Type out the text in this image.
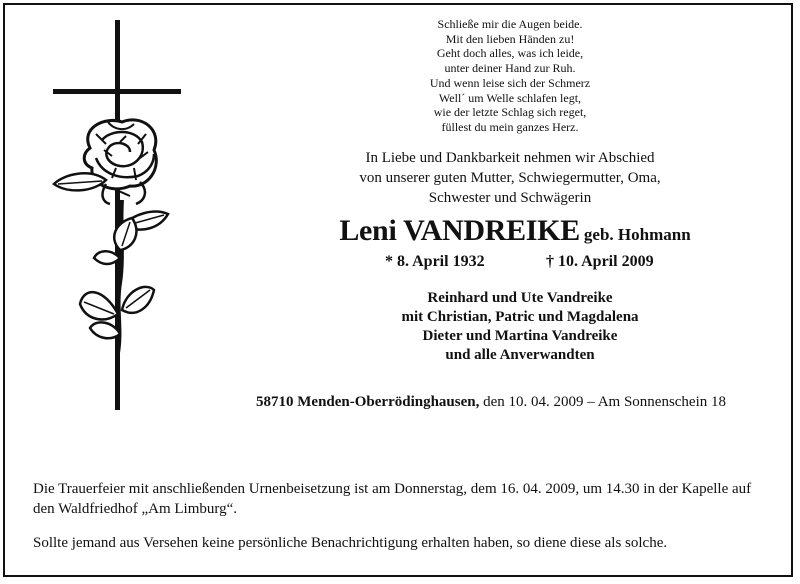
Schließe mir die Augen beide.
Mit den lieben Händen zu!
Geht doch alles, was ich leide,
unter deiner Hand zur Ruh.
Und wenn leise sich der Schmerz
Well´ um Welle schlafen legt,
wie der letzte Schlag sich reget,
füllest du mein ganzes Herz.
In Liebe und Dankbarkeit nehmen wir Abschied
von unserer guten Mutter, Schwiegermutter, Oma,
Schwester und Schwägerin
Leni VANDREIKE geb. Hohmann
* 8. April 1932	† 10. April 2009
Reinhard und Ute Vandreike
mit Christian, Patric und Magdalena
Dieter und Martina Vandreike
und alle Anverwandten
58710 Menden-Oberrödinghausen, den 10. 04. 2009 – Am Sonnenschein 18
Die Trauerfeier mit anschließenden Urnenbeisetzung ist am Donnerstag, dem 16. 04. 2009, um 14.30 in der Kapelle auf den Waldfriedhof „Am Limburg“.
Sollte jemand aus Versehen keine persönliche Benachrichtigung erhalten haben, so diene diese als solche.
